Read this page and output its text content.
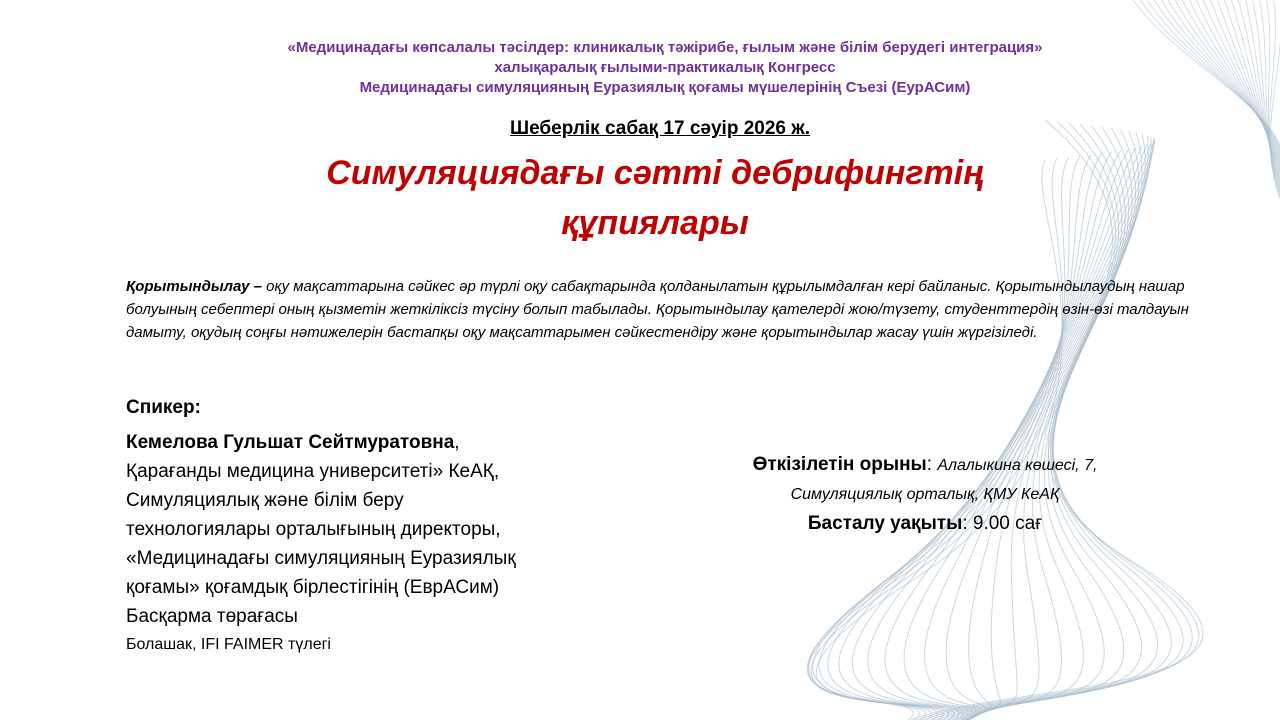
«Медицинадағы көпсалалы тәсілдер: клиникалық тәжірибе, ғылым және білім берудегі интеграция»
халықаралық ғылыми-практикалық Конгресс
Медицинадағы симуляцияның Еуразиялық қоғамы мүшелерінің Съезі (ЕурАСим)
Шеберлік сабақ 17 сәуір 2026 ж.
Симуляциядағы сәтті дебрифингтің
құпиялары
Қорытындылау – оқу мақсаттарына сәйкес әр түрлі оқу сабақтарында қолданылатын құрылымдалған кері байланыс. Қорытындылаудың нашар болуының себептері оның қызметін жеткіліксіз түсіну болып табылады. Қорытындылау қателерді жою/түзету, студенттердің өзін-өзі талдауын дамыту, оқудың соңғы нәтижелерін бастапқы оқу мақсаттарымен сәйкестендіру және қорытындылар жасау үшін жүргізіледі.
Спикер:
Кемелова Гульшат Сейтмуратовна,
Қарағанды медицина университеті» КеАҚ,
Симуляциялық және білім беру
технологиялары орталығының директоры,
«Медицинадағы симуляцияның Еуразиялық
қоғамы» қоғамдық бірлестігінің (ЕврАСим)
Басқарма төрағасы
Болашак, IFI FAIMER түлегі
Өткізілетін орыны: Алалыкина көшесі, 7,
Симуляциялық орталық, ҚМУ КеАҚ
Басталу уақыты: 9.00 сағ
